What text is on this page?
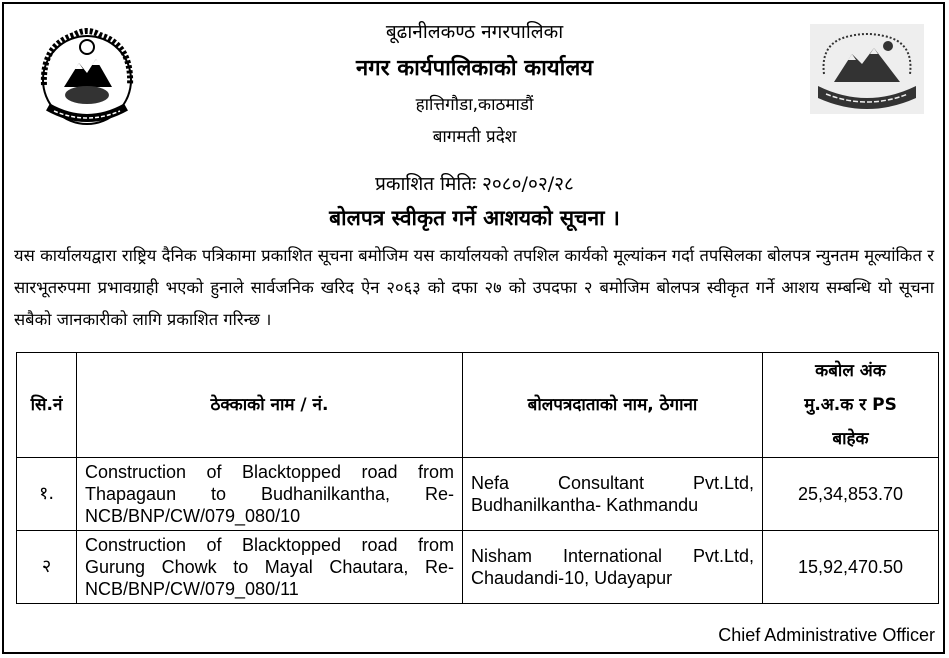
बूढानीलकण्ठ नगरपालिका
नगर कार्यपालिकाको कार्यालय
हात्तिगौडा,काठमाडौं
बागमती प्रदेश
प्रकाशित मितिः २०८०/०२/२८
बोलपत्र स्वीकृत गर्ने आशयको सूचना ।
यस कार्यालयद्वारा राष्ट्रिय दैनिक पत्रिकामा प्रकाशित सूचना बमोजिम यस कार्यालयको तपशिल कार्यको मूल्यांकन गर्दा तपसिलका बोलपत्र न्युनतम मूल्यांकित र सारभूतरुपमा प्रभावग्राही भएको हुनाले सार्वजनिक खरिद ऐन २०६३ को दफा २७ को उपदफा २ बमोजिम बोलपत्र स्वीकृत गर्ने आशय सम्बन्धि यो सूचना सबैको जानकारीको लागि प्रकाशित गरिन्छ ।
सि.नं	ठेक्काको नाम / नं.	बोलपत्रदाताको नाम, ठेगाना	कबोल अंक
मु.अ.क र PS
बाहेक

१.	Construction of Blacktopped road from Thapagaun to Budhanilkantha, Re-NCB/BNP/CW/079_080/10	Nefa Consultant Pvt.Ltd, Budhanilkantha- Kathmandu	25,34,853.70
२	Construction of Blacktopped road from Gurung Chowk to Mayal Chautara, Re-NCB/BNP/CW/079_080/11	Nisham International Pvt.Ltd, Chaudandi-10, Udayapur	15,92,470.50
Chief Administrative Officer
